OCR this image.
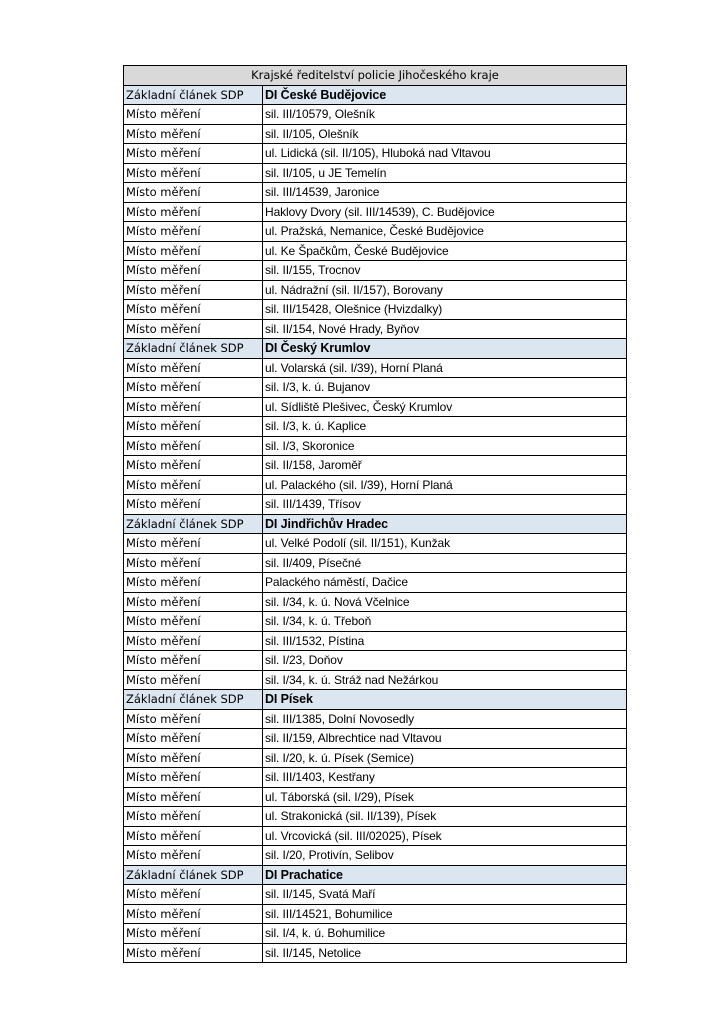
Krajské ředitelství policie Jihočeského kraje	
Základní článek SDP	DI České Budějovice
Místo měření	sil. III/10579, Olešník
Místo měření	sil. II/105, Olešník
Místo měření	ul. Lidická (sil. II/105), Hluboká nad Vltavou
Místo měření	sil. II/105, u JE Temelín
Místo měření	sil. III/14539, Jaronice
Místo měření	Haklovy Dvory (sil. III/14539), C. Budějovice
Místo měření	ul. Pražská, Nemanice, České Budějovice
Místo měření	ul. Ke Špačkům, České Budějovice
Místo měření	sil. II/155, Trocnov
Místo měření	ul. Nádražní (sil. II/157), Borovany
Místo měření	sil. III/15428, Olešnice (Hvizdalky)
Místo měření	sil. II/154, Nové Hrady, Byňov
Základní článek SDP	DI Český Krumlov
Místo měření	ul. Volarská (sil. I/39), Horní Planá
Místo měření	sil. I/3, k. ú. Bujanov
Místo měření	ul. Sídliště Plešivec, Český Krumlov
Místo měření	sil. I/3, k. ú. Kaplice
Místo měření	sil. I/3, Skoronice
Místo měření	sil. II/158, Jaroměř
Místo měření	ul. Palackého (sil. I/39), Horní Planá
Místo měření	sil. III/1439, Třísov
Základní článek SDP	DI Jindřichův Hradec
Místo měření	ul. Velké Podolí (sil. II/151), Kunžak
Místo měření	sil. II/409, Písečné
Místo měření	Palackého náměstí, Dačice
Místo měření	sil. I/34, k. ú. Nová Včelnice
Místo měření	sil. I/34, k. ú. Třeboň
Místo měření	sil. III/1532, Pístina
Místo měření	sil. I/23, Doňov
Místo měření	sil. I/34, k. ú. Stráž nad Nežárkou
Základní článek SDP	DI Písek
Místo měření	sil. III/1385, Dolní Novosedly
Místo měření	sil. II/159, Albrechtice nad Vltavou
Místo měření	sil. I/20, k. ú. Písek (Semice)
Místo měření	sil. III/1403, Kestřany
Místo měření	ul. Táborská (sil. I/29), Písek
Místo měření	ul. Strakonická (sil. II/139), Písek
Místo měření	ul. Vrcovická (sil. III/02025), Písek
Místo měření	sil. I/20, Protivín, Selibov
Základní článek SDP	DI Prachatice
Místo měření	sil. II/145, Svatá Maří
Místo měření	sil. III/14521, Bohumilice
Místo měření	sil. I/4, k. ú. Bohumilice
Místo měření	sil. II/145, Netolice
